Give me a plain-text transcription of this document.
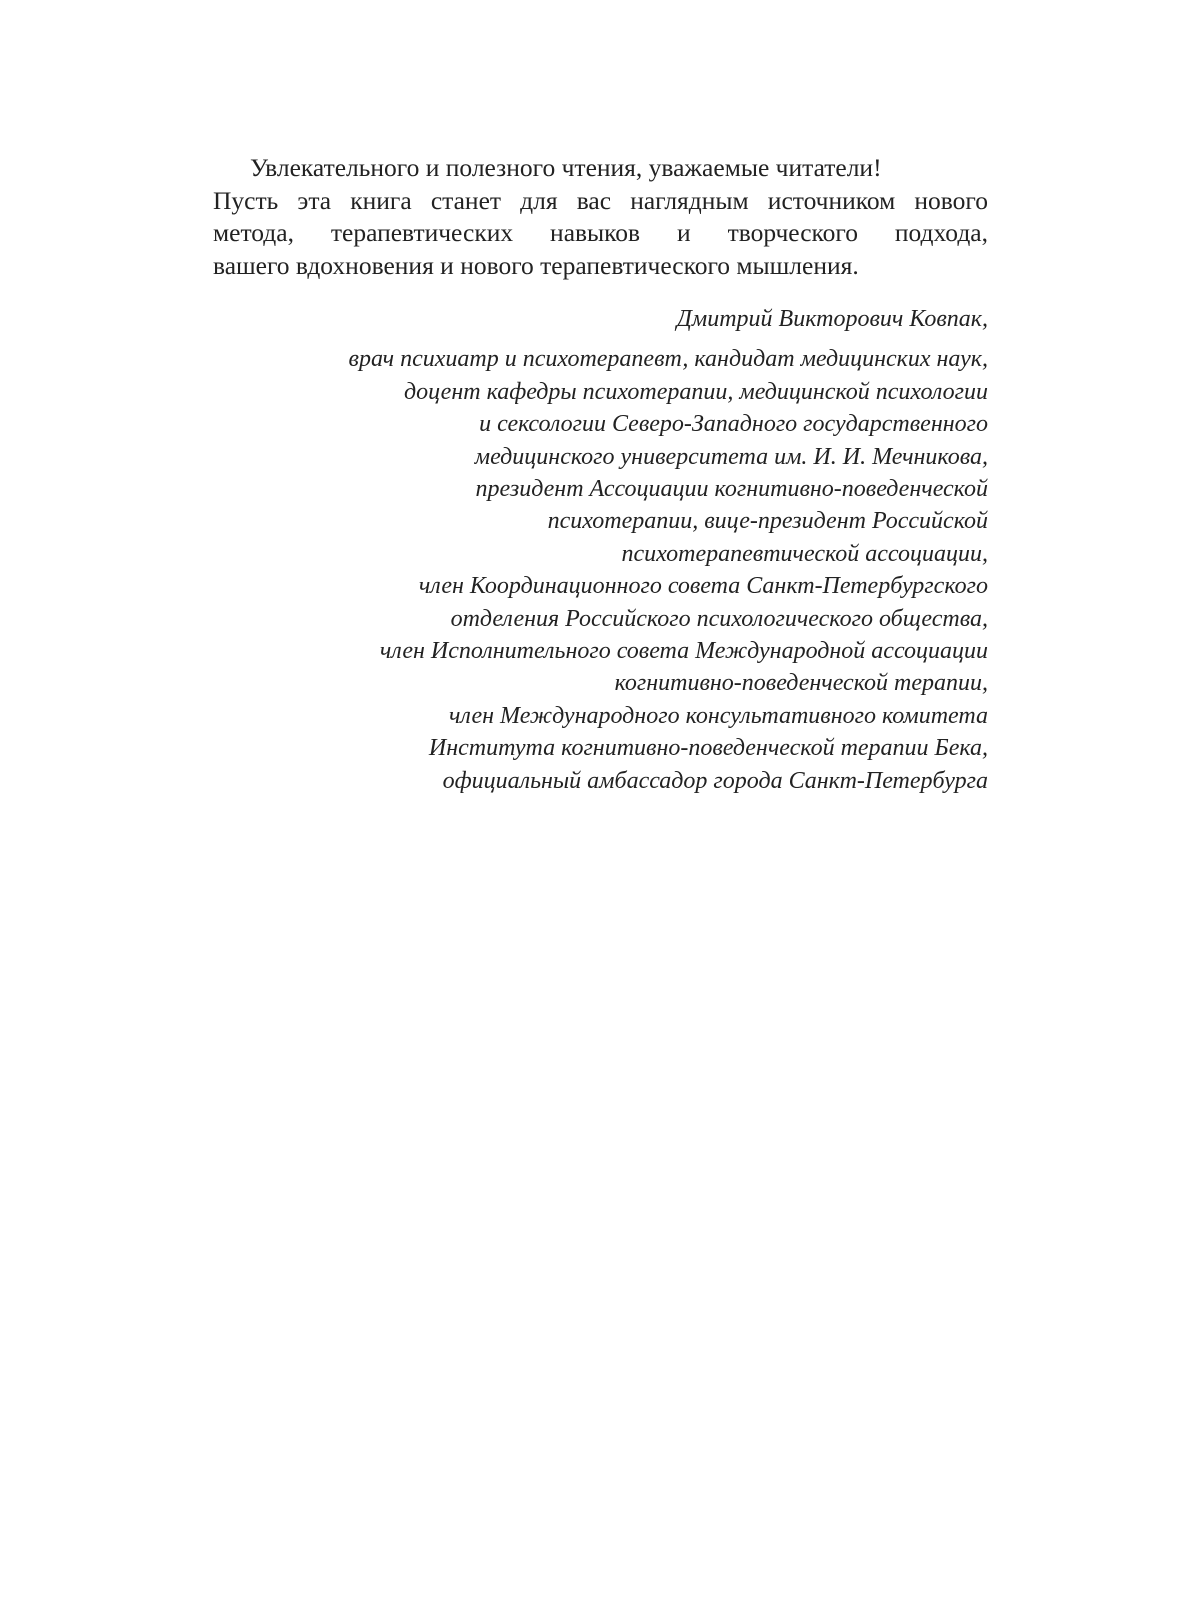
Увлекательного и полезного чтения, уважаемые читатели!
Пусть эта книга станет для вас наглядным источником нового
метода, терапевтических навыков и творческого подхода,
вашего вдохновения и нового терапевтического мышления.
Дмитрий Викторович Ковпак,
врач психиатр и психотерапевт, кандидат медицинских наук,
доцент кафедры психотерапии, медицинской психологии
и сексологии Северо-Западного государственного
медицинского университета им. И. И. Мечникова,
президент Ассоциации когнитивно-поведенческой
психотерапии, вице-президент Российской
психотерапевтической ассоциации,
член Координационного совета Санкт-Петербургского
отделения Российского психологического общества,
член Исполнительного совета Международной ассоциации
когнитивно-поведенческой терапии,
член Международного консультативного комитета
Института когнитивно-поведенческой терапии Бека,
официальный амбассадор города Санкт-Петербурга
